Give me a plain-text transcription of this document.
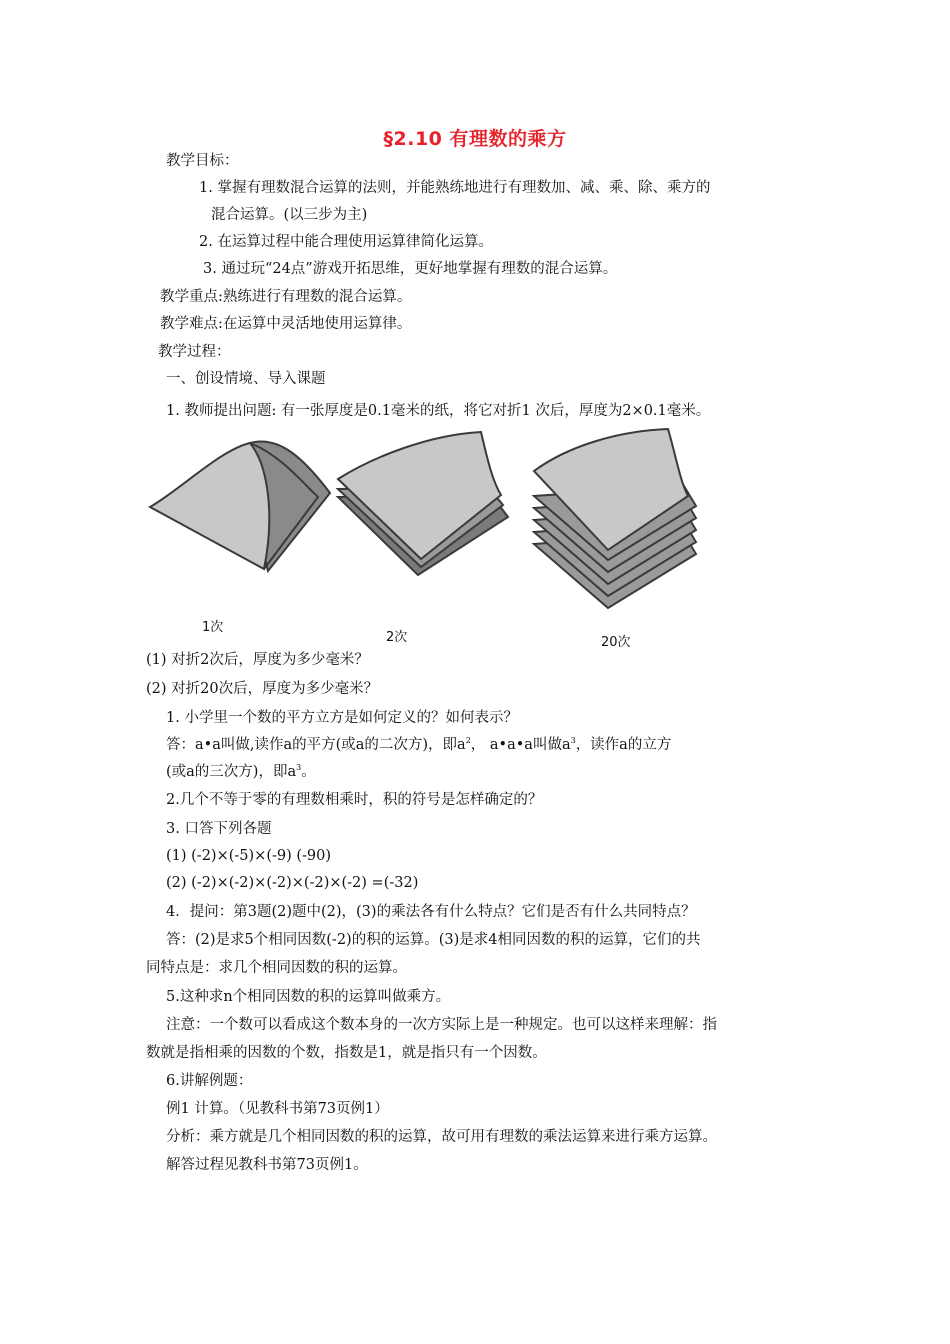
§2.10 有理数的乘方
教学目标：
1. 掌握有理数混合运算的法则，并能熟练地进行有理数加、减、乘、除、乘方的
混合运算。(以三步为主)
2. 在运算过程中能合理使用运算律简化运算。
3. 通过玩“24点”游戏开拓思维，更好地掌握有理数的混合运算。
教学重点:熟练进行有理数的混合运算。
教学难点:在运算中灵活地使用运算律。
教学过程：
一、创设情境、导入课题
1. 教师提出问题: 有一张厚度是0.1毫米的纸，将它对折1 次后，厚度为2×0.1毫米。
1次
2次	20次
(1) 对折2次后，厚度为多少毫米？
(2) 对折20次后，厚度为多少毫米？
1. 小学里一个数的平方立方是如何定义的？如何表示？
答：a•a叫做,读作a的平方(或a的二次方)，即$a^2$， a•a•a叫做$a^3$，读作a的立方
(或a的三次方)，即$a^3$。
2.几个不等于零的有理数相乘时，积的符号是怎样确定的？
3. 口答下列各题
(1) (-2)×(-5)×(-9) (-90)
(2) (-2)×(-2)×(-2)×(-2)×(-2) =(-32)
4．提问：第3题(2)题中(2)，(3)的乘法各有什么特点？它们是否有什么共同特点？
答：(2)是求5个相同因数(-2)的积的运算。(3)是求4相同因数的积的运算，它们的共
同特点是：求几个相同因数的积的运算。
5.这种求n个相同因数的积的运算叫做乘方。
注意：一个数可以看成这个数本身的一次方实际上是一种规定。也可以这样来理解：指
数就是指相乘的因数的个数，指数是1，就是指只有一个因数。
6.讲解例题：
例1 计算。（见教科书第73页例1）
分析：乘方就是几个相同因数的积的运算，故可用有理数的乘法运算来进行乘方运算。
解答过程见教科书第73页例1。
